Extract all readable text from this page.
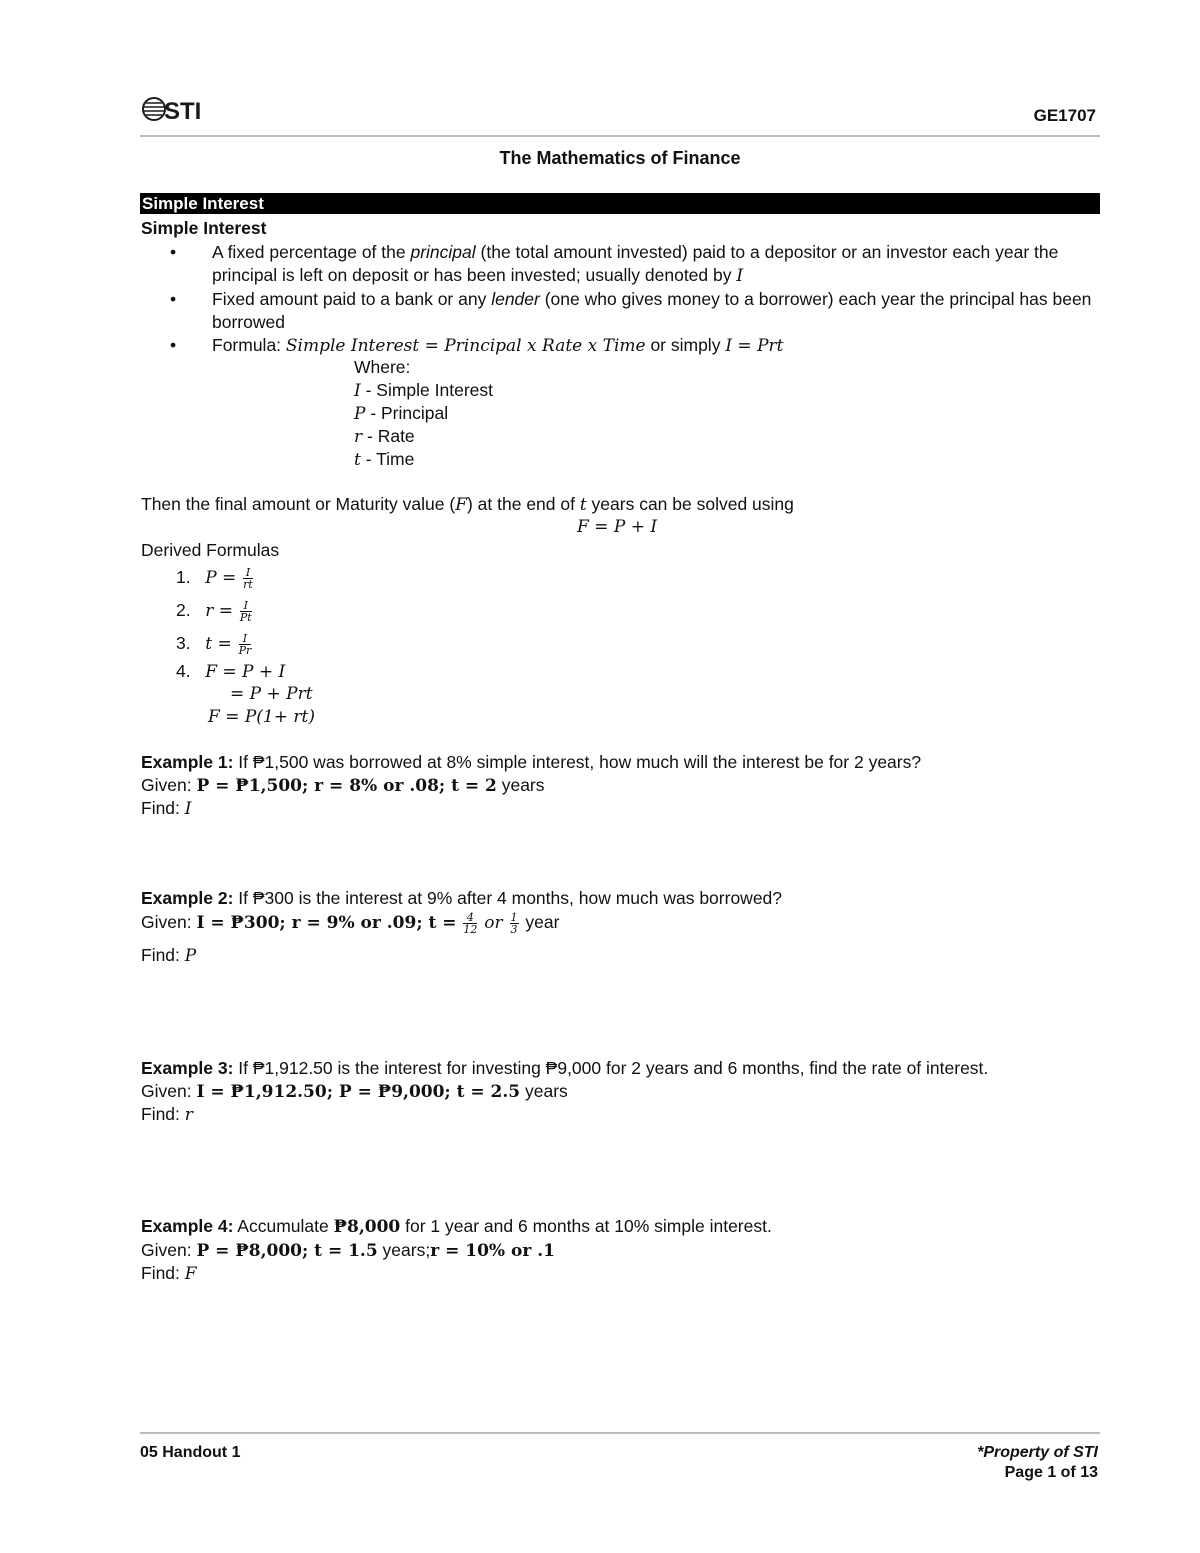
STI	GE1707
The Mathematics of Finance
Simple Interest
Simple Interest
• A fixed percentage of the principal (the total amount invested) paid to a depositor or an investor each year the principal is left on deposit or has been invested; usually denoted by I
• Fixed amount paid to a bank or any lender (one who gives money to a borrower) each year the principal has been borrowed
• Formula: Simple Interest = Principal x Rate x Time or simply I = Prt
Where:
I - Simple Interest
P - Principal
r - Rate
t - Time
Then the final amount or Maturity value (F) at the end of t years can be solved using
F = P + I
Derived Formulas
1. $P = \frac{I}{rt}$
2. $r = \frac{I}{Pt}$
3. $t = \frac{I}{Pr}$
4. F = P + I
= P + Prt
F = P(1+ rt)
Example 1: If ₱1,500 was borrowed at 8% simple interest, how much will the interest be for 2 years?
Given: P = ₱1,500; r = 8% or .08; t = 2 years
Find: I
Example 2: If ₱300 is the interest at 9% after 4 months, how much was borrowed?
Given: I = ₱300; r = 9% or .09; $t = \frac{4}{12}$ or $\frac{1}{3}$ year
Find: P
Example 3: If ₱1,912.50 is the interest for investing ₱9,000 for 2 years and 6 months, find the rate of interest.
Given: I = ₱1,912.50; P = ₱9,000; t = 2.5 years
Find: r
Example 4: Accumulate ₱8,000 for 1 year and 6 months at 10% simple interest.
Given: P = ₱8,000; t = 1.5 years;r = 10% or .1
Find: F
05 Handout 1	*Property of STI
Page 1 of 13
